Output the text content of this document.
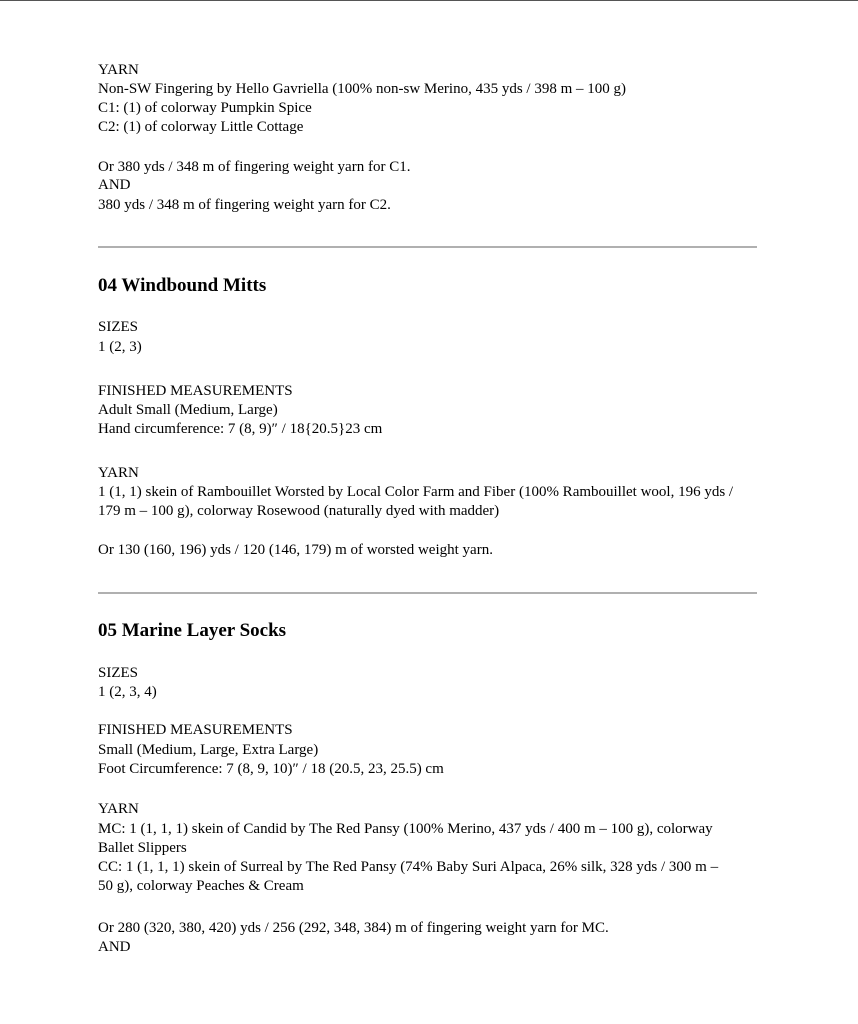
YARN
Non-SW Fingering by Hello Gavriella (100% non-sw Merino, 435 yds / 398 m – 100 g)
C1: (1) of colorway Pumpkin Spice
C2: (1) of colorway Little Cottage
Or 380 yds / 348 m of fingering weight yarn for C1.
AND
380 yds / 348 m of fingering weight yarn for C2.
04 Windbound Mitts
SIZES
1 (2, 3)
FINISHED MEASUREMENTS
Adult Small (Medium, Large)
Hand circumference: 7 (8, 9)″ / 18{20.5}23 cm
YARN
1 (1, 1) skein of Rambouillet Worsted by Local Color Farm and Fiber (100% Rambouillet wool, 196 yds /
179 m – 100 g), colorway Rosewood (naturally dyed with madder)
Or 130 (160, 196) yds / 120 (146, 179) m of worsted weight yarn.
05 Marine Layer Socks
SIZES
1 (2, 3, 4)
FINISHED MEASUREMENTS
Small (Medium, Large, Extra Large)
Foot Circumference: 7 (8, 9, 10)″ / 18 (20.5, 23, 25.5) cm
YARN
MC: 1 (1, 1, 1) skein of Candid by The Red Pansy (100% Merino, 437 yds / 400 m – 100 g), colorway
Ballet Slippers
CC: 1 (1, 1, 1) skein of Surreal by The Red Pansy (74% Baby Suri Alpaca, 26% silk, 328 yds / 300 m –
50 g), colorway Peaches & Cream
Or 280 (320, 380, 420) yds / 256 (292, 348, 384) m of fingering weight yarn for MC.
AND
